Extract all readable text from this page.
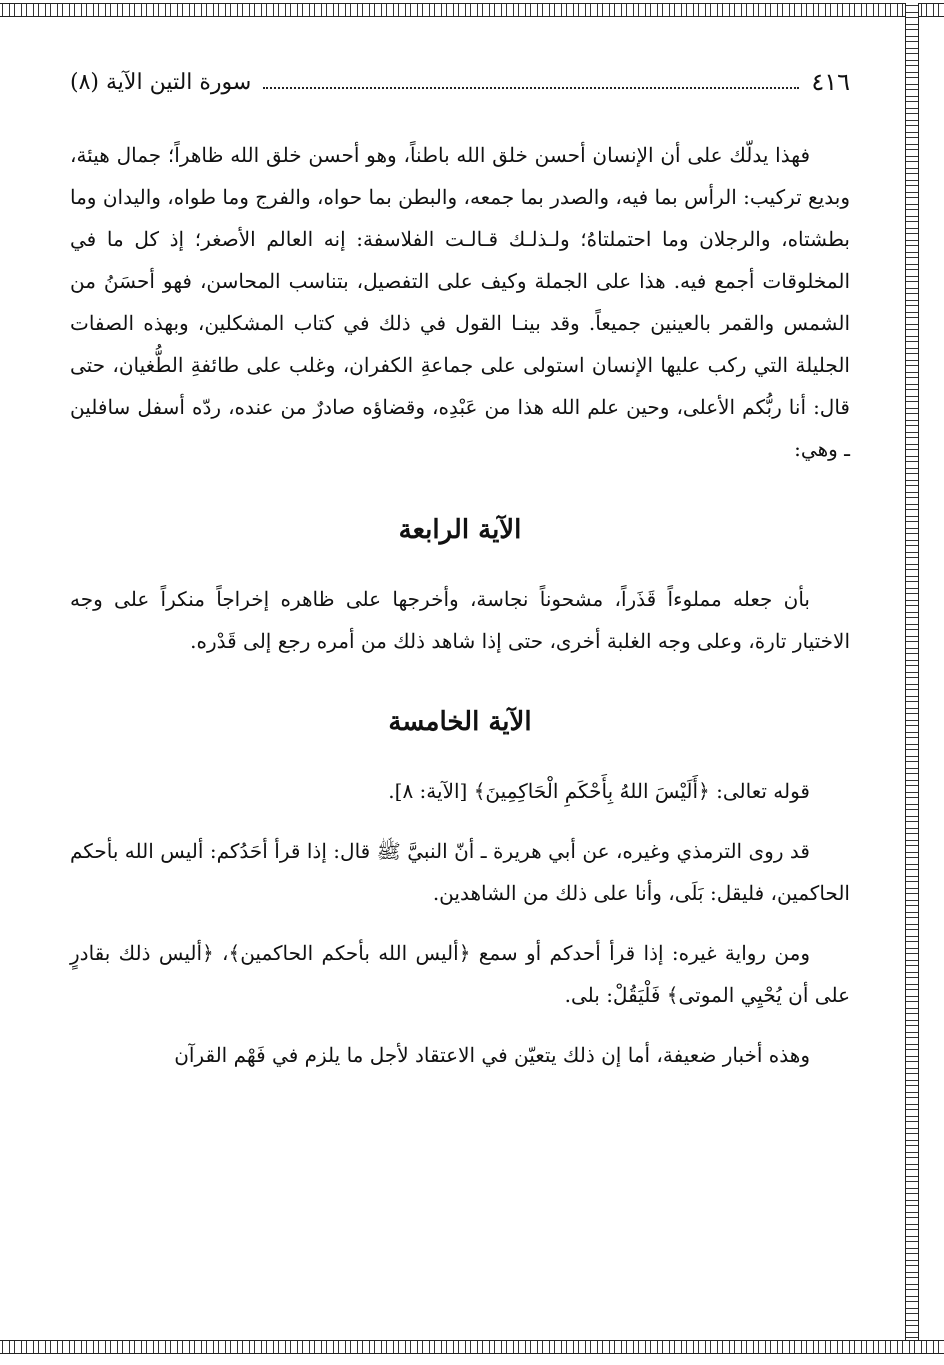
٤١٦
سورة التين الآية (٨)

فهذا يدلّك على أن الإنسان أحسن خلق الله باطناً، وهو أحسن خلق الله ظاهراً؛ جمال هيئة، وبديع تركيب: الرأس بما فيه، والصدر بما جمعه، والبطن بما حواه، والفرج وما طواه، واليدان وما بطشتاه، والرجلان وما احتملتاهُ؛ ولـذلـك قـالـت الفلاسفة: إنه العالم الأصغر؛ إذ كل ما في المخلوقات أجمع فيه. هذا على الجملة وكيف على التفصيل، بتناسب المحاسن، فهو أحسَنُ من الشمس والقمر بالعينين جميعاً. وقد بينـا القول في ذلك في كتاب المشكلين، وبهذه الصفات الجليلة التي ركب عليها الإنسان استولى على جماعةِ الكفران، وغلب على طائفةِ الطُّغيان، حتى قال: أنا ربُّكم الأعلى، وحين علم الله هذا من عَبْدِه، وقضاؤه صادرٌ من عنده، ردّه أسفل سافلين ـ وهي:

الآية الرابعة

بأن جعله مملوءاً قَذَراً، مشحوناً نجاسة، وأخرجها على ظاهره إخراجاً منكراً على وجه الاختيار تارة، وعلى وجه الغلبة أخرى، حتى إذا شاهد ذلك من أمره رجع إلى قَدْره.

الآية الخامسة

قوله تعالى: ﴿أَلَيْسَ اللهُ بِأَحْكَمِ الْحَاكِمِينَ﴾ [الآية: ٨].

قد روى الترمذي وغيره، عن أبي هريرة ـ أنّ النبيَّ ﷺ قال: إذا قرأ أحَدُكم: أليس الله بأحكم الحاكمين، فليقل: بَلَى، وأنا على ذلك من الشاهدين.

ومن رواية غيره: إذا قرأ أحدكم أو سمع ﴿أليس الله بأحكم الحاكمين﴾، ﴿أليس ذلك بقادرٍ على أن يُحْيِي الموتى﴾ فَلْيَقُلْ: بلى.

وهذه أخبار ضعيفة، أما إن ذلك يتعيّن في الاعتقاد لأجل ما يلزم في فَهْم القرآن
